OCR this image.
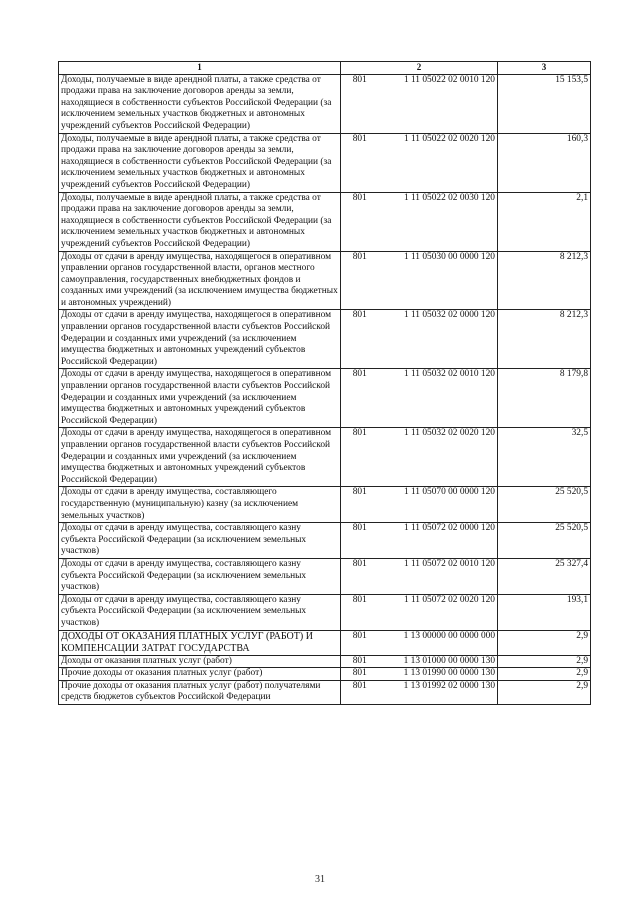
1	2		3
Доходы, получаемые в виде арендной платы, а также средства от продажи права на заключение договоров аренды за земли, находящиеся в собственности субъектов Российской Федерации (за исключением земельных участков бюджетных и автономных учреждений субъектов Российской Федерации)	801	1 11 05022 02 0010 120	15 153,5
Доходы, получаемые в виде арендной платы, а также средства от продажи права на заключение договоров аренды за земли, находящиеся в собственности субъектов Российской Федерации (за исключением земельных участков бюджетных и автономных учреждений субъектов Российской Федерации)	801	1 11 05022 02 0020 120	160,3
Доходы, получаемые в виде арендной платы, а также средства от продажи права на заключение договоров аренды за земли, находящиеся в собственности субъектов Российской Федерации (за исключением земельных участков бюджетных и автономных учреждений субъектов Российской Федерации)	801	1 11 05022 02 0030 120	2,1
Доходы от сдачи в аренду имущества, находящегося в оперативном управлении органов государственной власти, органов местного самоуправления, государственных внебюджетных фондов и созданных ими учреждений (за исключением имущества бюджетных и автономных учреждений)	801	1 11 05030 00 0000 120	8 212,3
Доходы от сдачи в аренду имущества, находящегося в оперативном управлении органов государственной власти субъектов Российской Федерации и созданных ими учреждений (за исключением имущества бюджетных и автономных учреждений субъектов Российской Федерации)	801	1 11 05032 02 0000 120	8 212,3
Доходы от сдачи в аренду имущества, находящегося в оперативном управлении органов государственной власти субъектов Российской Федерации и созданных ими учреждений (за исключением имущества бюджетных и автономных учреждений субъектов Российской Федерации)	801	1 11 05032 02 0010 120	8 179,8
Доходы от сдачи в аренду имущества, находящегося в оперативном управлении органов государственной власти субъектов Российской Федерации и созданных ими учреждений (за исключением имущества бюджетных и автономных учреждений субъектов Российской Федерации)	801	1 11 05032 02 0020 120	32,5
Доходы от сдачи в аренду имущества, составляющего государственную (муниципальную) казну (за исключением земельных участков)	801	1 11 05070 00 0000 120	25 520,5
Доходы от сдачи в аренду имущества, составляющего казну субъекта Российской Федерации (за исключением земельных участков)	801	1 11 05072 02 0000 120	25 520,5
Доходы от сдачи в аренду имущества, составляющего казну субъекта Российской Федерации (за исключением земельных участков)	801	1 11 05072 02 0010 120	25 327,4
Доходы от сдачи в аренду имущества, составляющего казну субъекта Российской Федерации (за исключением земельных участков)	801	1 11 05072 02 0020 120	193,1
ДОХОДЫ ОТ ОКАЗАНИЯ ПЛАТНЫХ УСЛУГ (РАБОТ) И КОМПЕНСАЦИИ ЗАТРАТ ГОСУДАРСТВА	801	1 13 00000 00 0000 000	2,9
Доходы от оказания платных услуг (работ)	801	1 13 01000 00 0000 130	2,9
Прочие доходы от оказания платных услуг (работ)	801	1 13 01990 00 0000 130	2,9
Прочие доходы от оказания платных услуг (работ) получателями средств бюджетов субъектов Российской Федерации	801	1 13 01992 02 0000 130	2,9
31
